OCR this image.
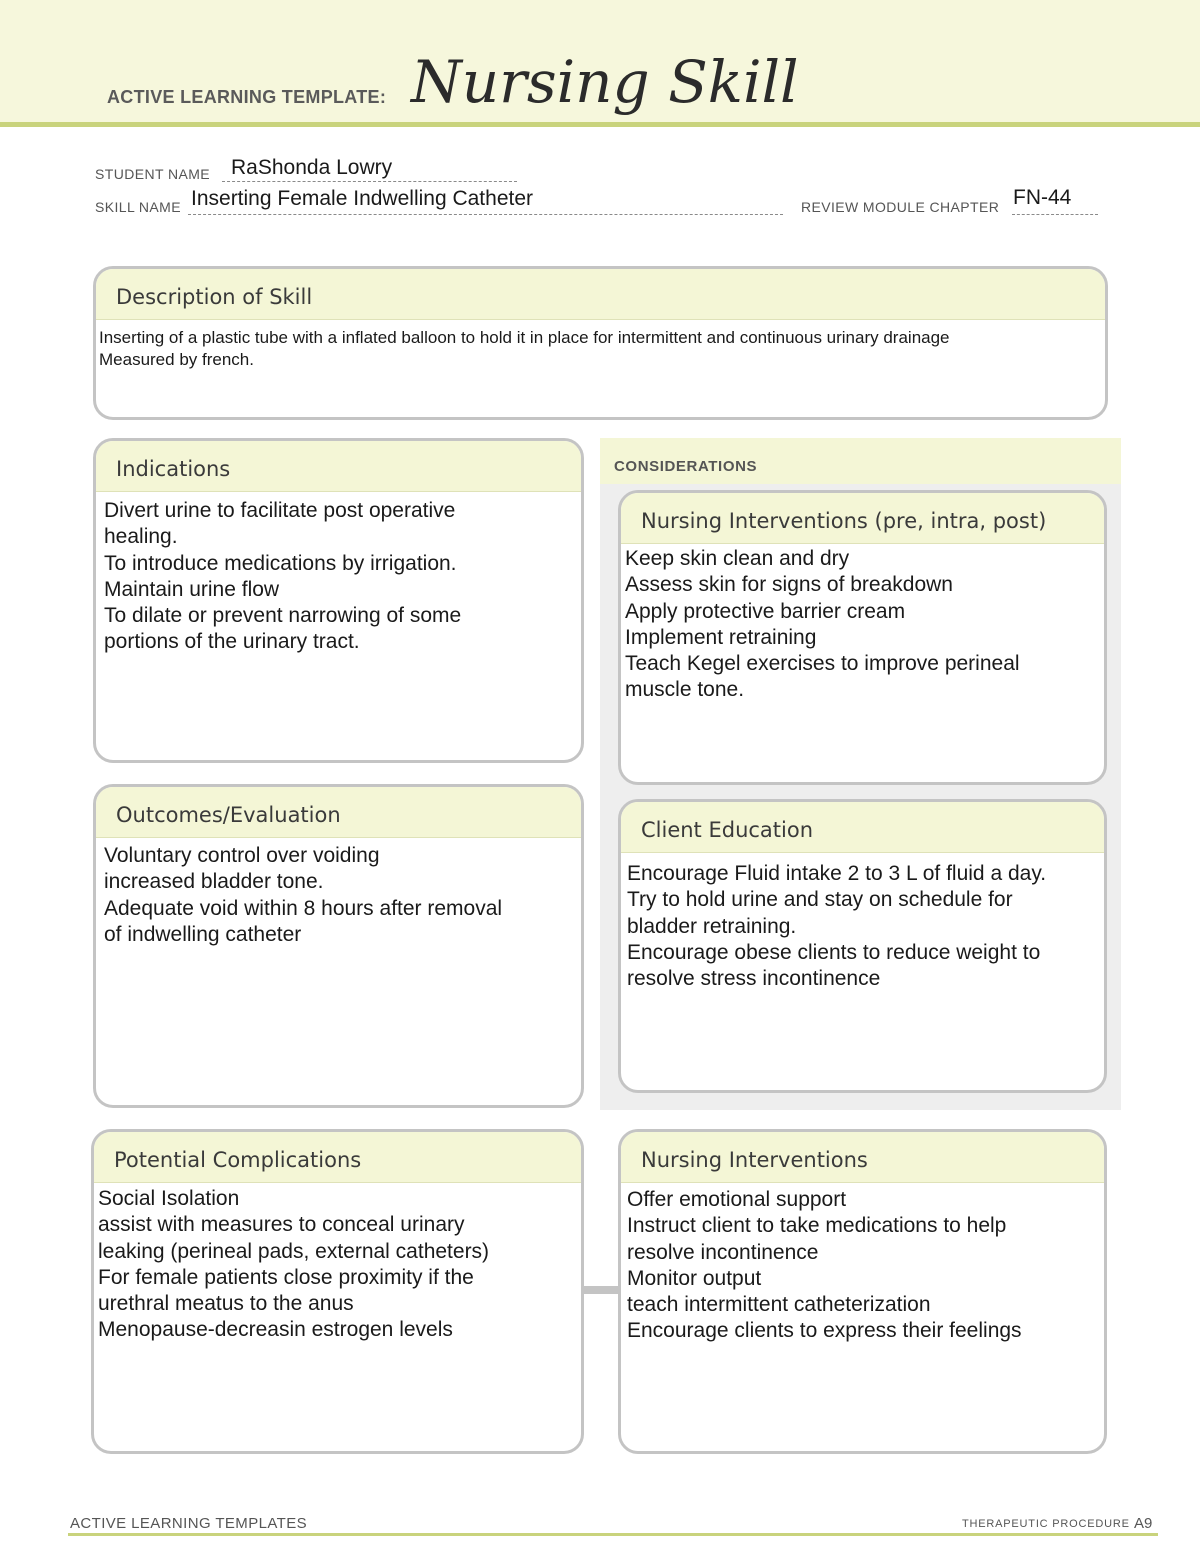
ACTIVE LEARNING TEMPLATE: Nursing Skill
STUDENT NAME RaShonda Lowry
SKILL NAME Inserting Female Indwelling Catheter	REVIEW MODULE CHAPTER FN-44
Description of Skill
Inserting of a plastic tube with a inflated balloon to hold it in place for intermittent and continuous urinary drainage
Measured by french.
CONSIDERATIONS
Indications
Divert urine to facilitate post operative
healing.
To introduce medications by irrigation.
Maintain urine flow
To dilate or prevent narrowing of some
portions of the urinary tract.
Nursing Interventions (pre, intra, post)
Keep skin clean and dry
Assess skin for signs of breakdown
Apply protective barrier cream
Implement retraining
Teach Kegel exercises to improve perineal
muscle tone.
Outcomes/Evaluation
Voluntary control over voiding
increased bladder tone.
Adequate void within 8 hours after removal
of indwelling catheter
Client Education
Encourage Fluid intake 2 to 3 L of fluid a day.
Try to hold urine and stay on schedule for
bladder retraining.
Encourage obese clients to reduce weight to
resolve stress incontinence
Potential Complications
Social Isolation
assist with measures to conceal urinary
leaking (perineal pads, external catheters)
For female patients close proximity if the
urethral meatus to the anus
Menopause-decreasin estrogen levels
Nursing Interventions
Offer emotional support
Instruct client to take medications to help
resolve incontinence
Monitor output
teach intermittent catheterization
Encourage clients to express their feelings
ACTIVE LEARNING TEMPLATES	THERAPEUTIC PROCEDURE A9
